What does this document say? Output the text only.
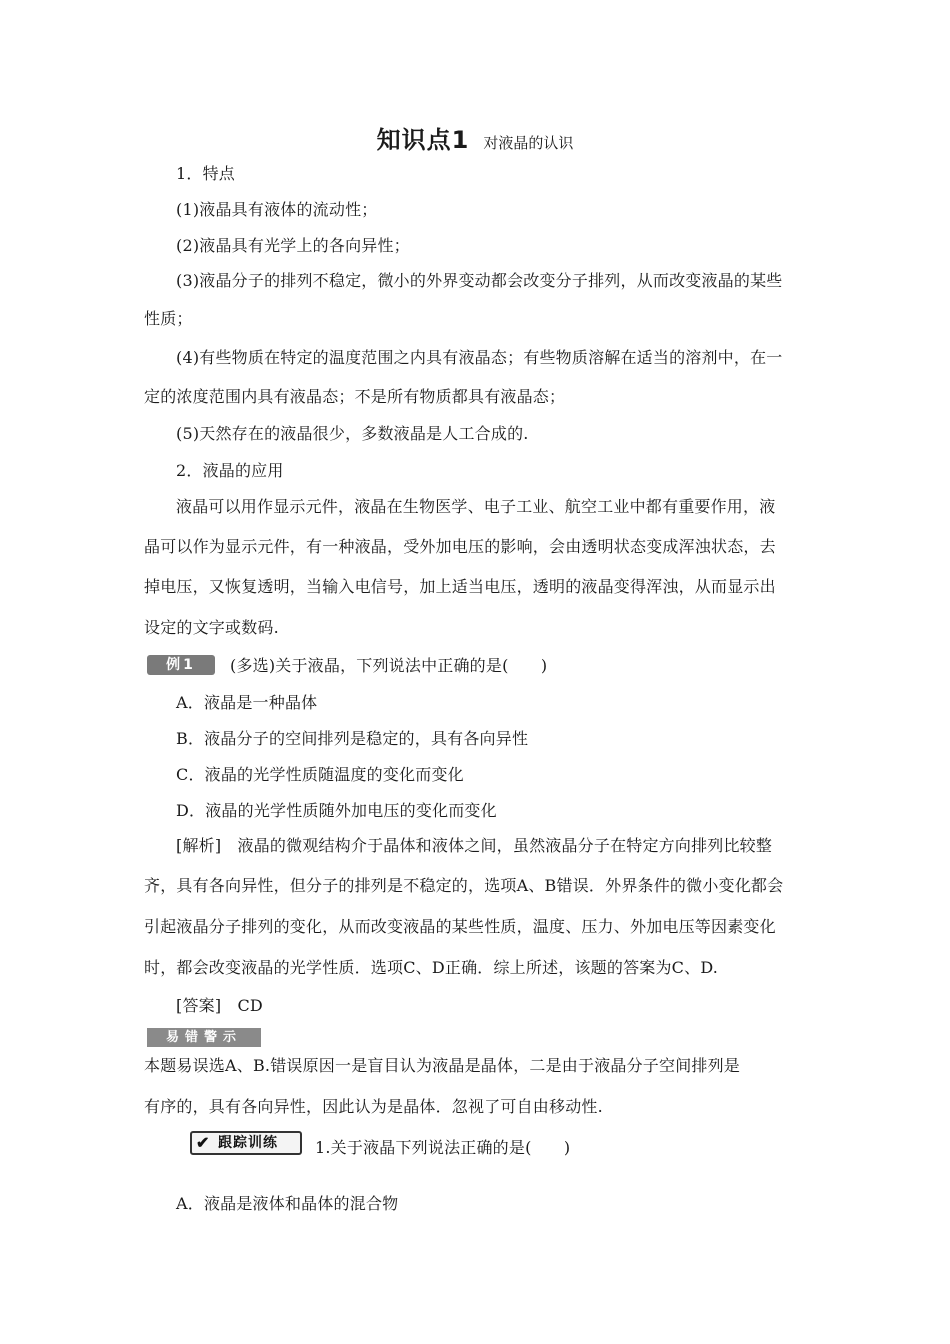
知识点1 对液晶的认识
1．特点
(1)液晶具有液体的流动性；
(2)液晶具有光学上的各向异性；
(3)液晶分子的排列不稳定，微小的外界变动都会改变分子排列，从而改变液晶的某些
性质；
(4)有些物质在特定的温度范围之内具有液晶态；有些物质溶解在适当的溶剂中，在一
定的浓度范围内具有液晶态；不是所有物质都具有液晶态；
(5)天然存在的液晶很少，多数液晶是人工合成的.
2．液晶的应用
液晶可以用作显示元件，液晶在生物医学、电子工业、航空工业中都有重要作用，液
晶可以作为显示元件，有一种液晶，受外加电压的影响，会由透明状态变成浑浊状态，去
掉电压，又恢复透明，当输入电信号，加上适当电压，透明的液晶变得浑浊，从而显示出
设定的文字或数码.
例1	(多选)关于液晶，下列说法中正确的是(　　)
A．液晶是一种晶体
B．液晶分子的空间排列是稳定的，具有各向异性
C．液晶的光学性质随温度的变化而变化
D．液晶的光学性质随外加电压的变化而变化
[解析]　液晶的微观结构介于晶体和液体之间，虽然液晶分子在特定方向排列比较整
齐，具有各向异性，但分子的排列是不稳定的，选项A、B错误．外界条件的微小变化都会
引起液晶分子排列的变化，从而改变液晶的某些性质，温度、压力、外加电压等因素变化
时，都会改变液晶的光学性质．选项C、D正确．综上所述，该题的答案为C、D.
[答案]　CD
易错警示
本题易误选A、B.错误原因一是盲目认为液晶是晶体，二是由于液晶分子空间排列是
有序的，具有各向异性，因此认为是晶体．忽视了可自由移动性.
✔ 跟踪训练 1.关于液晶下列说法正确的是(　　)
A．液晶是液体和晶体的混合物
